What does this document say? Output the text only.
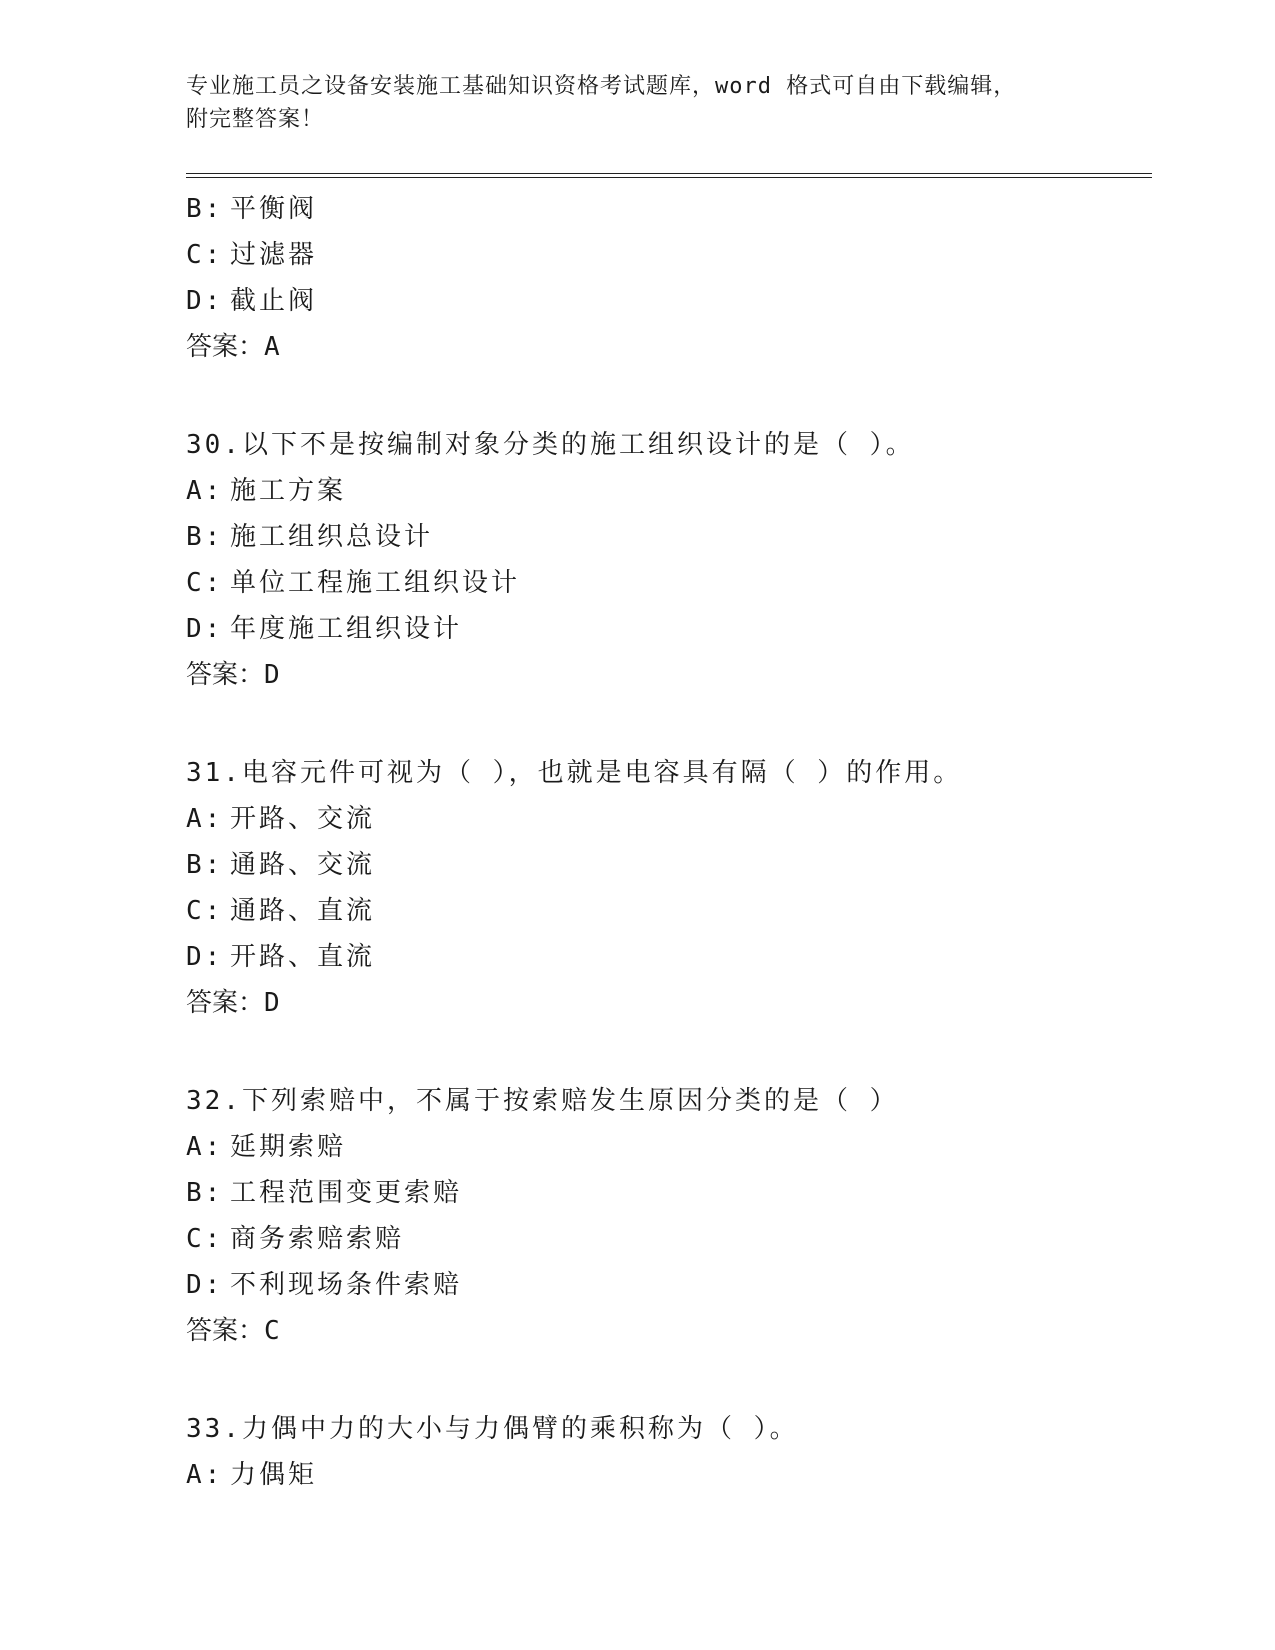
专业施工员之设备安装施工基础知识资格考试题库，word 格式可自由下载编辑，

附完整答案！

B: 平衡阀
C: 过滤器
D: 截止阀
答案：A
30.以下不是按编制对象分类的施工组织设计的是（ ）。
A: 施工方案
B: 施工组织总设计
C: 单位工程施工组织设计
D: 年度施工组织设计
答案：D
31.电容元件可视为（ ），也就是电容具有隔（ ）的作用。
A: 开路、交流
B: 通路、交流
C: 通路、直流
D: 开路、直流
答案：D
32.下列索赔中，不属于按索赔发生原因分类的是（ ）
A: 延期索赔
B: 工程范围变更索赔
C: 商务索赔索赔
D: 不利现场条件索赔
答案：C
33.力偶中力的大小与力偶臂的乘积称为（ ）。
A: 力偶矩
